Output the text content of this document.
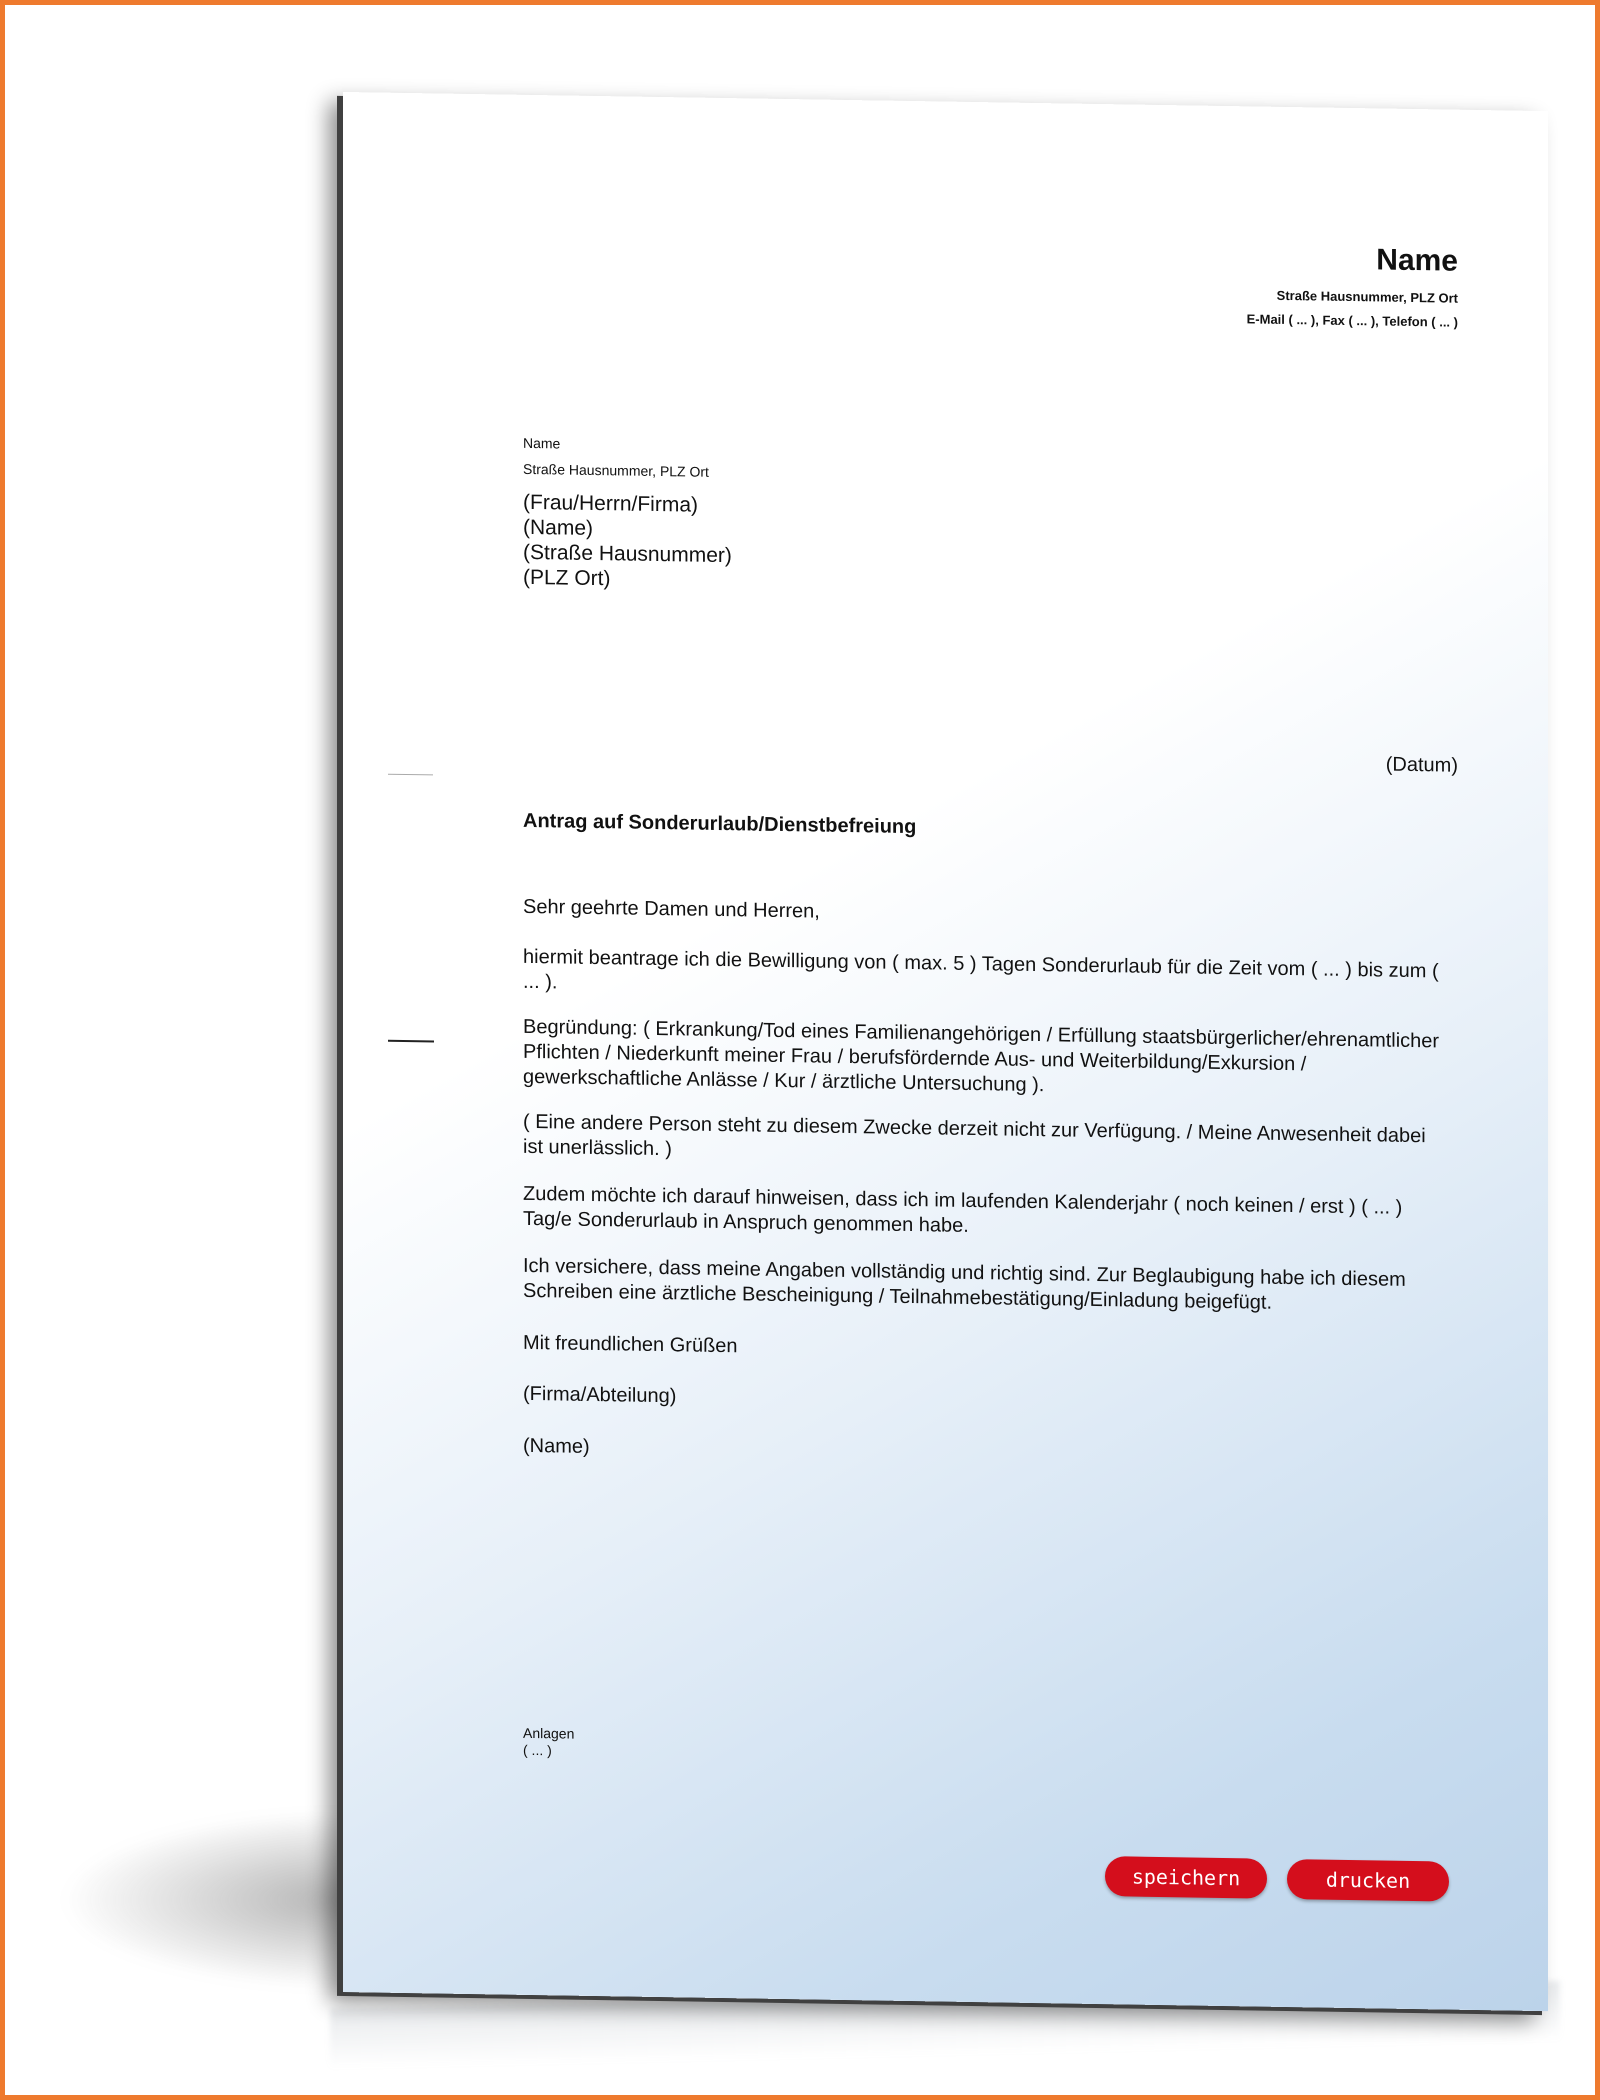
Name
Straße Hausnummer, PLZ Ort
E-Mail ( ... ), Fax ( ... ), Telefon ( ... )
Name
Straße Hausnummer, PLZ Ort
(Frau/Herrn/Firma)
(Name)
(Straße Hausnummer)
(PLZ Ort)
(Datum)
Antrag auf Sonderurlaub/Dienstbefreiung
Sehr geehrte Damen und Herren,
hiermit beantrage ich die Bewilligung von ( max. 5 ) Tagen Sonderurlaub für die Zeit vom ( ... ) bis zum ( ... ).
Begründung: ( Erkrankung/Tod eines Familienangehörigen / Erfüllung staatsbürgerlicher/ehrenamtlicher Pflichten / Niederkunft meiner Frau / berufsfördernde Aus- und Weiterbildung/Exkursion / gewerkschaftliche Anlässe / Kur / ärztliche Untersuchung ).
( Eine andere Person steht zu diesem Zwecke derzeit nicht zur Verfügung. / Meine Anwesenheit dabei ist unerlässlich. )
Zudem möchte ich darauf hinweisen, dass ich im laufenden Kalenderjahr ( noch keinen / erst ) ( ... ) Tag/e Sonderurlaub in Anspruch genommen habe.
Ich versichere, dass meine Angaben vollständig und richtig sind. Zur Beglaubigung habe ich diesem Schreiben eine ärztliche Bescheinigung / Teilnahmebestätigung/Einladung beigefügt.
Mit freundlichen Grüßen
(Firma/Abteilung)
(Name)
Anlagen
( ... )
speichern	drucken
